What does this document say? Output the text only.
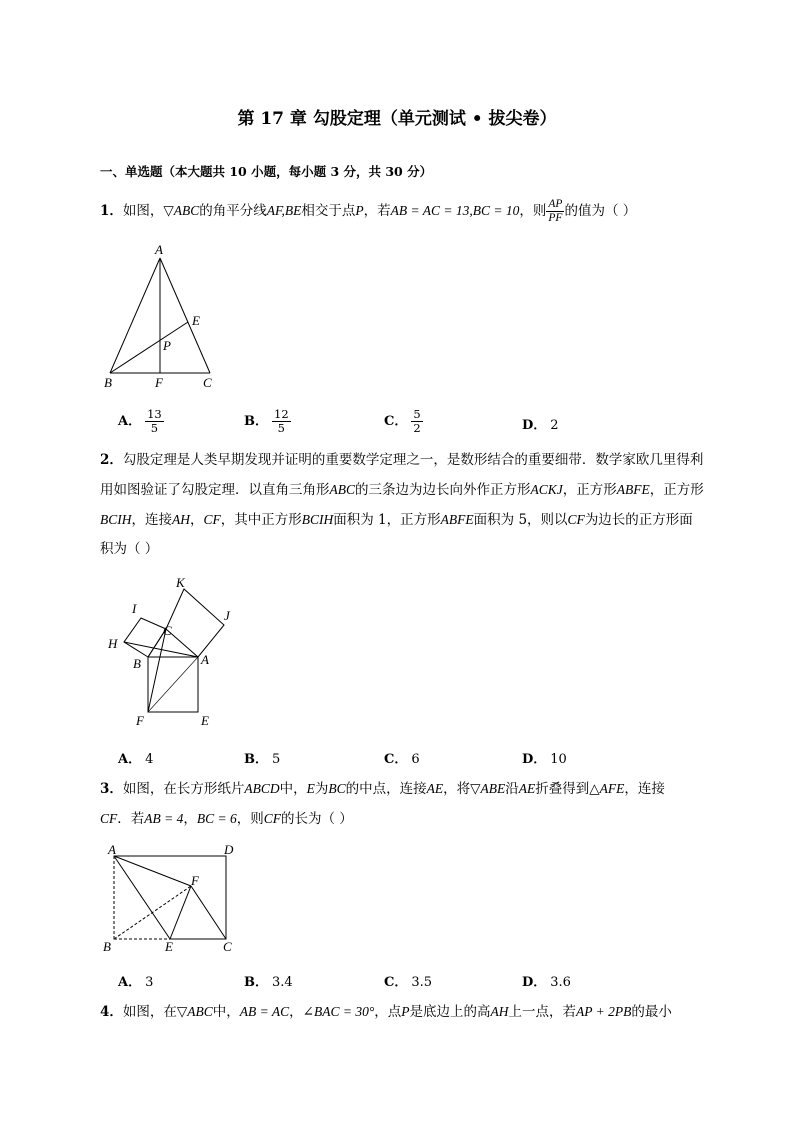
第 17 章 勾股定理（单元测试 • 拔尖卷）
一、单选题（本大题共 10 小题，每小题 3 分，共 30 分）
1．如图，▽ABC的角平分线AF,BE相交于点P，若AB = AC = 13,BC = 10，则 $\frac{AP}{PF}$ 的值为（ ）
A
B	C
E
F
P
A． $\frac{13}{5}$	B． $\frac{12}{5}$	C． $\frac{5}{2}$	D． 2
2．勾股定理是人类早期发现并证明的重要数学定理之一，是数形结合的重要细带．数学家欧几里得利
用如图验证了勾股定理．以直角三角形ABC的三条边为边长向外作正方形ACKJ，正方形ABFE，正方形
BCIH，连接AH，CF，其中正方形BCIH面积为 1，正方形ABFE面积为 5，则以CF为边长的正方形面
积为（ ）
K
I	J
C
H
B	A
F	E
A． 4	B． 5	C． 6	D． 10
3．如图，在长方形纸片ABCD中，E为BC的中点，连接AE，将▽ABE沿AE折叠得到△AFE，连接
CF．若AB = 4，BC = 6，则CF的长为（ ）
A	D
F
B	E	C
A． 3	B． 3.4	C． 3.5	D． 3.6
4．如图，在▽ABC中，AB = AC，∠BAC = 30°，点P是底边上的高AH上一点，若AP + 2PB的最小
